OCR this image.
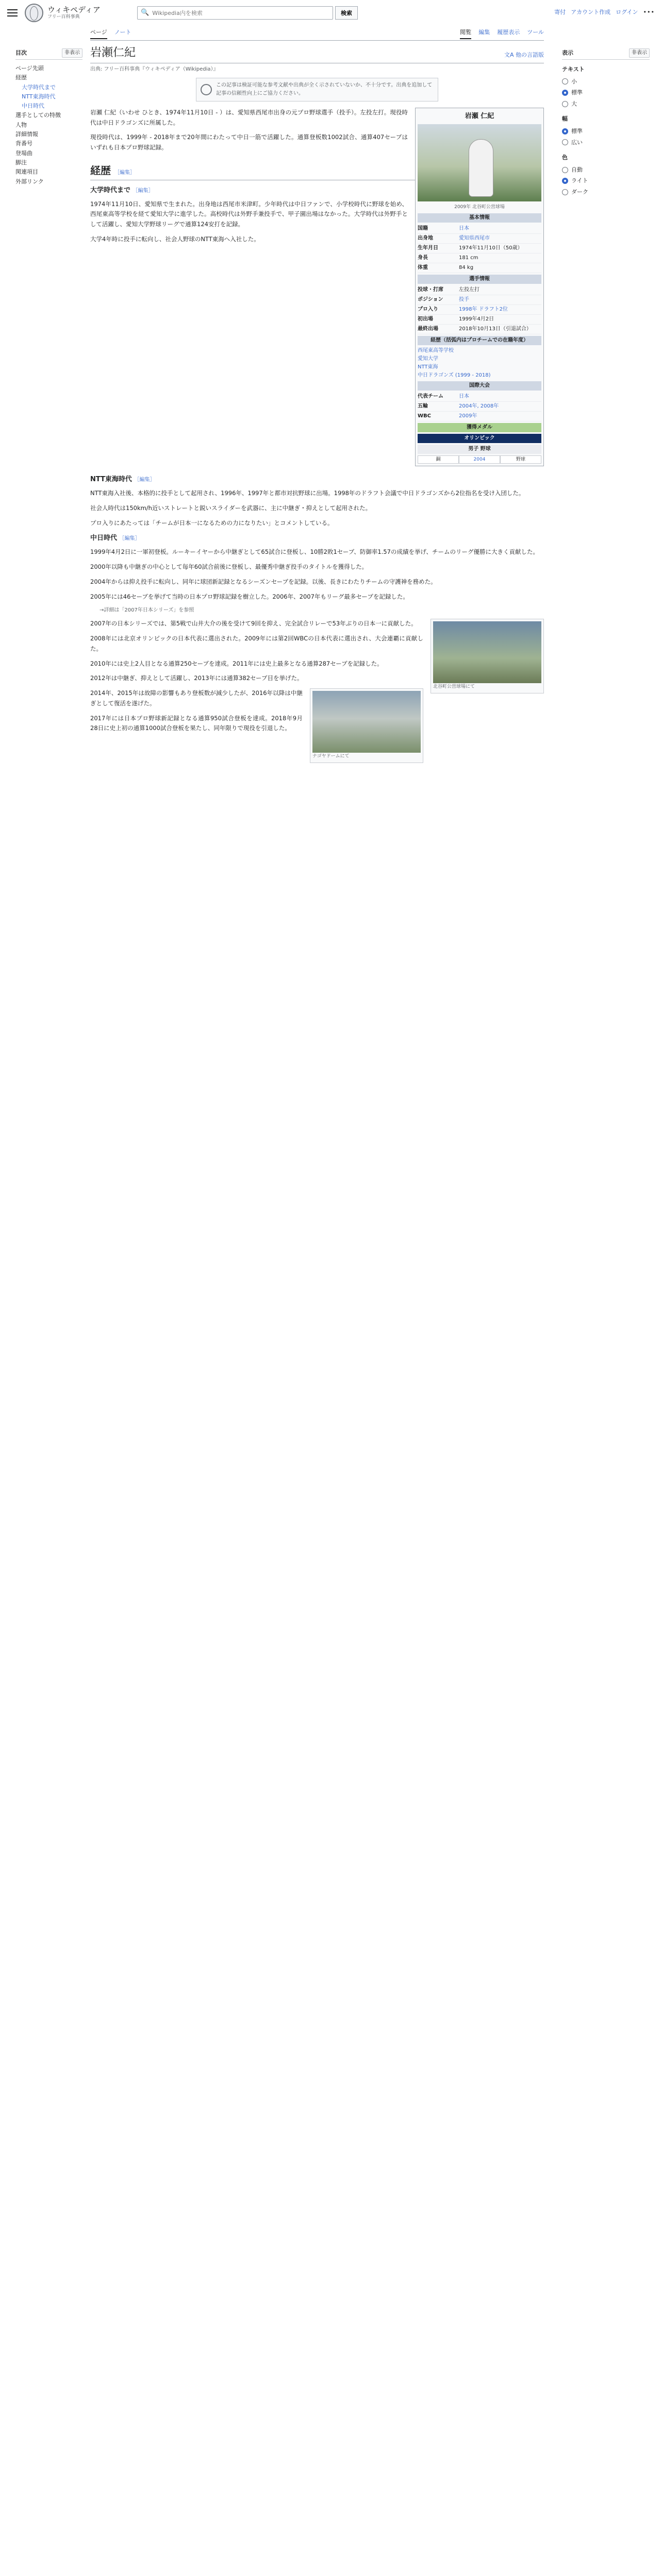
ウィキペディア
フリー百科事典
🔍
Wikipedia内を検索	検索	寄付 アカウント作成 ログイン •••
目次	非表示
ページ先頭
経歴
大学時代まで
NTT東海時代
中日時代
選手としての特徴
人物
詳細情報
背番号
登場曲
脚注
関連項目
外部リンク
表示	非表示
テキスト
小
標準
大
幅
標準
広い
色
自動
ライト
ダーク
ページ ノート	閲覧 編集 履歴表示 ツール
岩瀬仁紀	文A 他の言語版
出典: フリー百科事典『ウィキペディア（Wikipedia）』
この記事は検証可能な参考文献や出典が全く示されていないか、不十分です。出典を追加して記事の信頼性向上にご協力ください。
岩瀬 仁紀
2009年 北谷町公営球場
基本情報
国籍	日本
出身地	愛知県西尾市
生年月日	1974年11月10日（50歳）
身長	181 cm
体重	84 kg
選手情報
投球・打席	左投左打
ポジション	投手
プロ入り	1998年 ドラフト2位
初出場	1999年4月2日
最終出場	2018年10月13日（引退試合）
経歴（括弧内はプロチームでの在籍年度）
西尾東高等学校
愛知大学
NTT東海
中日ドラゴンズ (1999 - 2018)
国際大会
代表チーム	日本
五輪	2004年, 2008年
WBC	2009年
獲得メダル
オリンピック
男子 野球
銅	2004	野球

岩瀬 仁紀（いわせ ひとき、1974年11月10日 - ）は、愛知県西尾市出身の元プロ野球選手（投手）。左投左打。現役時代は中日ドラゴンズに所属した。

現役時代は、1999年 - 2018年まで20年間にわたって中日一筋で活躍した。通算登板数1002試合、通算407セーブはいずれも日本プロ野球記録。

経歴 ［編集］
大学時代まで ［編集］

1974年11月10日、愛知県で生まれた。出身地は西尾市米津町。少年時代は中日ファンで、小学校時代に野球を始め、西尾東高等学校を経て愛知大学に進学した。高校時代は外野手兼投手で、甲子園出場はなかった。大学時代は外野手として活躍し、愛知大学野球リーグで通算124安打を記録。

大学4年時に投手に転向し、社会人野球のNTT東海へ入社した。

NTT東海時代 ［編集］

NTT東海入社後、本格的に投手として起用され、1996年、1997年と都市対抗野球に出場。1998年のドラフト会議で中日ドラゴンズから2位指名を受け入団した。

社会人時代は150km/h近いストレートと鋭いスライダーを武器に、主に中継ぎ・抑えとして起用された。

プロ入りにあたっては「チームが日本一になるための力になりたい」とコメントしている。

中日時代 ［編集］

1999年4月2日に一軍初登板。ルーキーイヤーから中継ぎとして65試合に登板し、10勝2敗1セーブ、防御率1.57の成績を挙げ、チームのリーグ優勝に大きく貢献した。

2000年以降も中継ぎの中心として毎年60試合前後に登板し、最優秀中継ぎ投手のタイトルを獲得した。

2004年からは抑え投手に転向し、同年に球団新記録となるシーズンセーブを記録。以後、長きにわたりチームの守護神を務めた。

2005年には46セーブを挙げて当時の日本プロ野球記録を樹立した。2006年、2007年もリーグ最多セーブを記録した。

→詳細は「2007年日本シリーズ」を参照
北谷町公営球場にて

2007年の日本シリーズでは、第5戦で山井大介の後を受けて9回を抑え、完全試合リレーで53年ぶりの日本一に貢献した。

2008年には北京オリンピックの日本代表に選出された。2009年には第2回WBCの日本代表に選出され、大会連覇に貢献した。

2010年には史上2人目となる通算250セーブを達成。2011年には史上最多となる通算287セーブを記録した。

2012年は中継ぎ、抑えとして活躍し、2013年には通算382セーブ目を挙げた。

ナゴヤドームにて

2014年、2015年は故障の影響もあり登板数が減少したが、2016年以降は中継ぎとして復活を遂げた。

2017年には日本プロ野球新記録となる通算950試合登板を達成。2018年9月28日に史上初の通算1000試合登板を果たし、同年限りで現役を引退した。
